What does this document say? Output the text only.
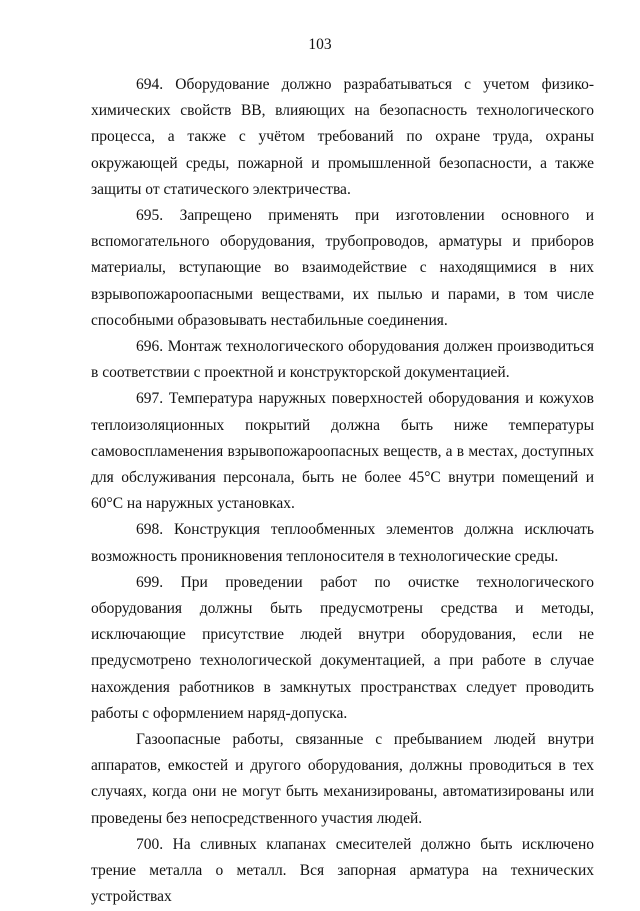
103

694. Оборудование должно разрабатываться с учетом физико-химических свойств ВВ, влияющих на безопасность технологического процесса, а также с учётом требований по охране труда, охраны окружающей среды, пожарной и промышленной безопасности, а также защиты от статического электричества.

695. Запрещено применять при изготовлении основного и вспомогательного оборудования, трубопроводов, арматуры и приборов материалы, вступающие во взаимодействие с находящимися в них взрывопожароопасными веществами, их пылью и парами, в том числе способными образовывать нестабильные соединения.

696. Монтаж технологического оборудования должен производиться в соответствии с проектной и конструкторской документацией.

697. Температура наружных поверхностей оборудования и кожухов теплоизоляционных покрытий должна быть ниже температуры самовоспламенения взрывопожароопасных веществ, а в местах, доступных для обслуживания персонала, быть не более 45°С внутри помещений и 60°С на наружных установках.

698. Конструкция теплообменных элементов должна исключать возможность проникновения теплоносителя в технологические среды.

699. При проведении работ по очистке технологического оборудования должны быть предусмотрены средства и методы, исключающие присутствие людей внутри оборудования, если не предусмотрено технологической документацией, а при работе в случае нахождения работников в замкнутых пространствах следует проводить работы с оформлением наряд-допуска.

Газоопасные работы, связанные с пребыванием людей внутри аппаратов, емкостей и другого оборудования, должны проводиться в тех случаях, когда они не могут быть механизированы, автоматизированы или проведены без непосредственного участия людей.

700. На сливных клапанах смесителей должно быть исключено трение металла о металл. Вся запорная арматура на технических устройствах
